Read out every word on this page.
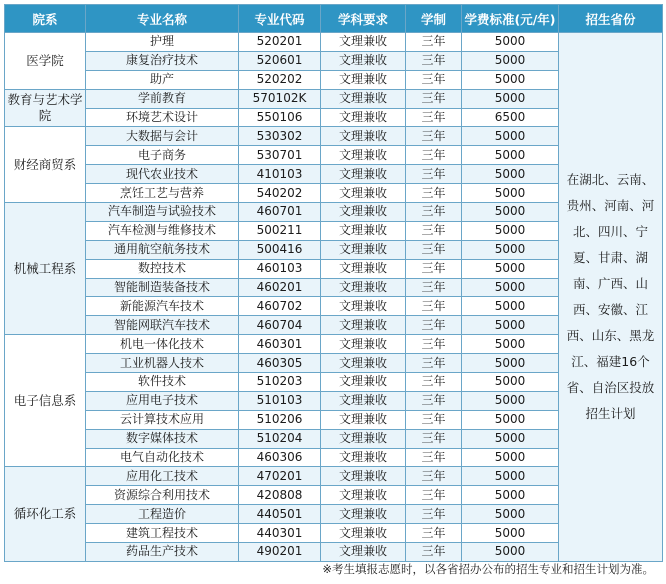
院系	专业名称	专业代码	学科要求	学制	学费标准(元/年)	招生省份
医学院	护理	520201	文理兼收	三年	5000	在湖北、云南、贵州、河南、河北、四川、宁夏、甘肃、湖南、广西、山西、安徽、江西、山东、黑龙江、福建16个省、自治区投放招生计划
	康复治疗技术	520601	文理兼收	三年	5000	
	助产	520202	文理兼收	三年	5000	
教育与艺术学院	学前教育	570102K	文理兼收	三年	5000	
	环境艺术设计	550106	文理兼收	三年	6500	
财经商贸系	大数据与会计	530302	文理兼收	三年	5000	
	电子商务	530701	文理兼收	三年	5000	
	现代农业技术	410103	文理兼收	三年	5000	
	烹饪工艺与营养	540202	文理兼收	三年	5000	
机械工程系	汽车制造与试验技术	460701	文理兼收	三年	5000	
	汽车检测与维修技术	500211	文理兼收	三年	5000	
	通用航空航务技术	500416	文理兼收	三年	5000	
	数控技术	460103	文理兼收	三年	5000	
	智能制造装备技术	460201	文理兼收	三年	5000	
	新能源汽车技术	460702	文理兼收	三年	5000	
	智能网联汽车技术	460704	文理兼收	三年	5000	
电子信息系	机电一体化技术	460301	文理兼收	三年	5000	
	工业机器人技术	460305	文理兼收	三年	5000	
	软件技术	510203	文理兼收	三年	5000	
	应用电子技术	510103	文理兼收	三年	5000	
	云计算技术应用	510206	文理兼收	三年	5000	
	数字媒体技术	510204	文理兼收	三年	5000	
	电气自动化技术	460306	文理兼收	三年	5000	
循环化工系	应用化工技术	470201	文理兼收	三年	5000	
	资源综合利用技术	420808	文理兼收	三年	5000	
	工程造价	440501	文理兼收	三年	5000	
	建筑工程技术	440301	文理兼收	三年	5000	
	药品生产技术	490201	文理兼收	三年	5000	
※考生填报志愿时，以各省招办公布的招生专业和招生计划为准。
